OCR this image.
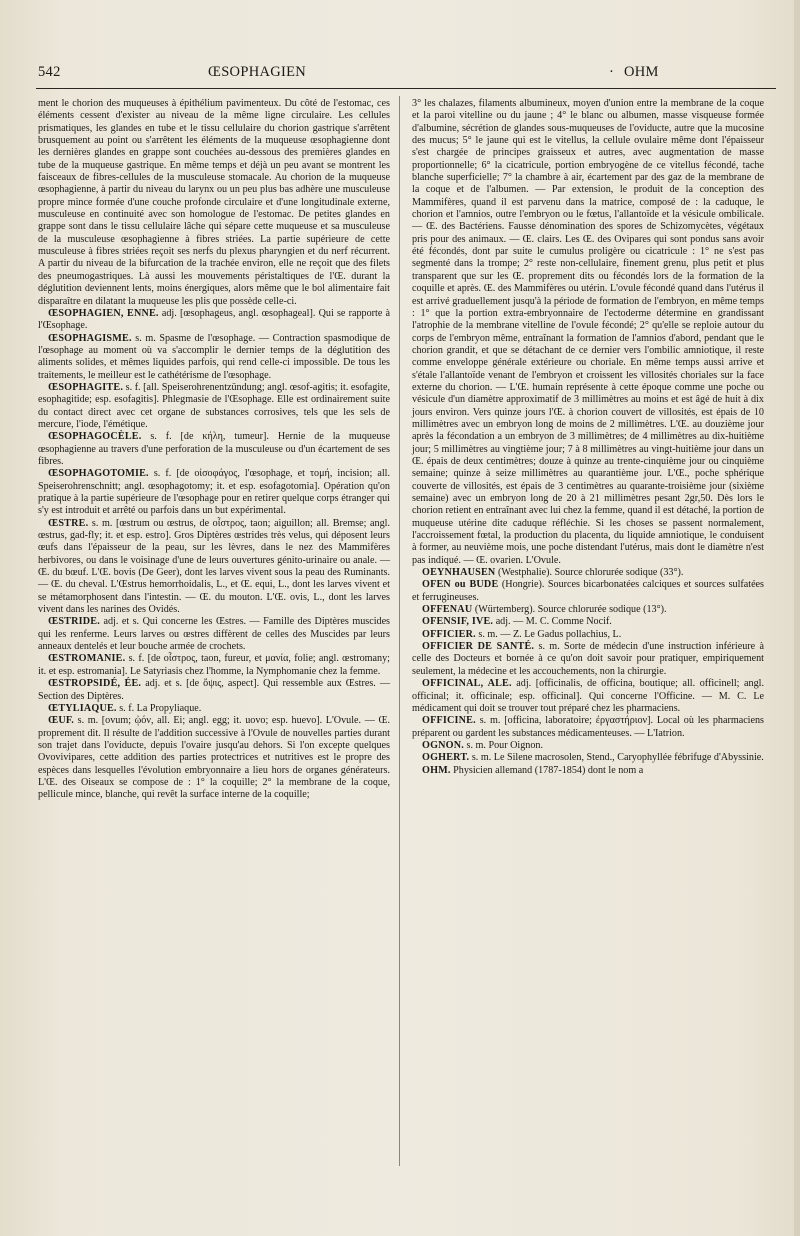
542	ŒSOPHAGIEN	· OHM

ment le chorion des muqueuses à épithélium pavimenteux. Du côté de l'estomac, ces éléments cessent d'exister au niveau de la même ligne circulaire. Les cellules prismatiques, les glandes en tube et le tissu cellulaire du chorion gastrique s'arrêtent brusquement au point ou s'arrêtent les éléments de la muqueuse œsophagienne dont les dernières glandes en grappe sont couchées au-dessous des premières glandes en tube de la muqueuse gastrique. En même temps et déjà un peu avant se montrent les faisceaux de fibres-cellules de la musculeuse stomacale. Au chorion de la muqueuse œsophagienne, à partir du niveau du larynx ou un peu plus bas adhère une musculeuse propre mince formée d'une couche profonde circulaire et d'une longitudinale externe, musculeuse en continuité avec son homologue de l'estomac. De petites glandes en grappe sont dans le tissu cellulaire lâche qui sépare cette muqueuse et sa musculeuse de la musculeuse œsophagienne à fibres striées. La partie supérieure de cette musculeuse à fibres striées reçoit ses nerfs du plexus pharyngien et du nerf récurrent. A partir du niveau de la bifurcation de la trachée environ, elle ne reçoit que des filets des pneumogastriques. Là aussi les mouvements péristaltiques de l'Œ. durant la déglutition deviennent lents, moins énergiques, alors même que le bol alimentaire fait disparaître en dilatant la muqueuse les plis que possède celle-ci.

ŒSOPHAGIEN, ENNE. adj. [œsophageus, angl. œsophageal]. Qui se rapporte à l'Œsophage.

ŒSOPHAGISME. s. m. Spasme de l'œsophage. — Contraction spasmodique de l'œsophage au moment où va s'accomplir le dernier temps de la déglutition des aliments solides, et mêmes liquides parfois, qui rend celle-ci impossible. De tous les traitements, le meilleur est le cathétérisme de l'œsophage.

ŒSOPHAGITE. s. f. [all. Speiserohrenentzündung; angl. œsof-agitis; it. esofagite, esophagitide; esp. esofagitis]. Phlegmasie de l'Œsophage. Elle est ordinairement suite du contact direct avec cet organe de substances corrosives, tels que les sels de mercure, l'iode, l'émétique.

ŒSOPHAGOCÈLE. s. f. [de κήλη, tumeur]. Hernie de la muqueuse œsophagienne au travers d'une perforation de la musculeuse ou d'un écartement de ses fibres.

ŒSOPHAGOTOMIE. s. f. [de οἰσοφάγος, l'œsophage, et τομή, incision; all. Speiserohrenschnitt; angl. œsophagotomy; it. et esp. esofagotomia]. Opération qu'on pratique à la partie supérieure de l'œsophage pour en retirer quelque corps étranger qui s'y est introduit et arrêté ou parfois dans un but expérimental.

ŒSTRE. s. m. [œstrum ou œstrus, de οἶστρος, taon; aiguillon; all. Bremse; angl. œstrus, gad-fly; it. et esp. estro]. Gros Diptères œstrides très velus, qui déposent leurs œufs dans l'épaisseur de la peau, sur les lèvres, dans le nez des Mammifères herbivores, ou dans le voisinage d'une de leurs ouvertures génito-urinaire ou anale. — Œ. du bœuf. L'Œ. bovis (De Geer), dont les larves vivent sous la peau des Ruminants. — Œ. du cheval. L'Œstrus hemorrhoidalis, L., et Œ. equi, L., dont les larves vivent et se métamorphosent dans l'intestin. — Œ. du mouton. L'Œ. ovis, L., dont les larves vivent dans les narines des Ovidés.

ŒSTRIDE. adj. et s. Qui concerne les Œstres. — Famille des Diptères muscides qui les renferme. Leurs larves ou œstres diffèrent de celles des Muscides par leurs anneaux dentelés et leur bouche armée de crochets.

ŒSTROMANIE. s. f. [de οἶστρος, taon, fureur, et μανία, folie; angl. œstromany; it. et esp. estromania]. Le Satyriasis chez l'homme, la Nymphomanie chez la femme.

ŒSTROPSIDÉ, ÉE. adj. et s. [de ὄψις, aspect]. Qui ressemble aux Œstres. — Section des Diptères.

ŒTYLIAQUE. s. f. La Propyliaque.

ŒUF. s. m. [ovum; ᾠόν, all. Ei; angl. egg; it. uovo; esp. huevo]. L'Ovule. — Œ. proprement dit. Il résulte de l'addition successive à l'Ovule de nouvelles parties durant son trajet dans l'oviducte, depuis l'ovaire jusqu'au dehors. Si l'on excepte quelques Ovovivipares, cette addition des parties protectrices et nutritives est le propre des espèces dans lesquelles l'évolution embryonnaire a lieu hors de organes générateurs. L'Œ. des Oiseaux se compose de : 1° la coquille; 2° la membrane de la coque, pellicule mince, blanche, qui revêt la surface interne de la coquille;

3° les chalazes, filaments albumineux, moyen d'union entre la membrane de la coque et la paroi vitelline ou du jaune ; 4° le blanc ou albumen, masse visqueuse formée d'albumine, sécrétion de glandes sous-muqueuses de l'oviducte, autre que la mucosine des mucus; 5° le jaune qui est le vitellus, la cellule ovulaire même dont l'épaisseur s'est chargée de principes graisseux et autres, avec augmentation de masse proportionnelle; 6° la cicatricule, portion embryogène de ce vitellus fécondé, tache blanche superficielle; 7° la chambre à air, écartement par des gaz de la membrane de la coque et de l'albumen. — Par extension, le produit de la conception des Mammifères, quand il est parvenu dans la matrice, composé de : la caduque, le chorion et l'amnios, outre l'embryon ou le fœtus, l'allantoïde et la vésicule ombilicale. — Œ. des Bactériens. Fausse dénomination des spores de Schizomycètes, végétaux pris pour des animaux. — Œ. clairs. Les Œ. des Ovipares qui sont pondus sans avoir été fécondés, dont par suite le cumulus proligère ou cicatricule : 1° ne s'est pas segmenté dans la trompe; 2° reste non-cellulaire, finement grenu, plus petit et plus transparent que sur les Œ. proprement dits ou fécondés lors de la formation de la coquille et après. Œ. des Mammifères ou utérin. L'ovule fécondé quand dans l'utérus il est arrivé graduellement jusqu'à la période de formation de l'embryon, en même temps : 1° que la portion extra-embryonnaire de l'ectoderme détermine en grandissant l'atrophie de la membrane vitelline de l'ovule fécondé; 2° qu'elle se reploie autour du corps de l'embryon même, entraînant la formation de l'amnios d'abord, pendant que le chorion grandit, et que se détachant de ce dernier vers l'ombilic amniotique, il reste comme enveloppe générale extérieure ou choriale. En même temps aussi arrive et s'étale l'allantoïde venant de l'embryon et croissent les villosités choriales sur la face externe du chorion. — L'Œ. humain représente à cette époque comme une poche ou vésicule d'un diamètre approximatif de 3 millimètres au moins et est âgé de huit à dix jours environ. Vers quinze jours l'Œ. à chorion couvert de villosités, est épais de 10 millimètres avec un embryon long de moins de 2 millimètres. L'Œ. au douzième jour après la fécondation a un embryon de 3 millimètres; de 4 millimètres au dix-huitième jour; 5 millimètres au vingtième jour; 7 à 8 millimètres au vingt-huitième jour dans un Œ. épais de deux centimètres; douze à quinze au trente-cinquième jour ou cinquième semaine; quinze à seize millimètres au quarantième jour. L'Œ., poche sphérique couverte de villosités, est épais de 3 centimètres au quarante-troisième jour (sixième semaine) avec un embryon long de 20 à 21 millimètres pesant 2gr,50. Dès lors le chorion retient en entraînant avec lui chez la femme, quand il est détaché, la portion de muqueuse utérine dite caduque réfléchie. Si les choses se passent normalement, l'accroissement fœtal, la production du placenta, du liquide amniotique, le conduisent à former, au neuvième mois, une poche distendant l'utérus, mais dont le diamètre n'est pas indiqué. — Œ. ovarien. L'Ovule.

OEYNHAUSEN (Westphalie). Source chlorurée sodique (33°).

OFEN ou BUDE (Hongrie). Sources bicarbonatées calciques et sources sulfatées et ferrugineuses.

OFFENAU (Würtemberg). Source chlorurée sodique (13°).

OFENSIF, IVE. adj. — M. C. Comme Nocif.

OFFICIER. s. m. — Z. Le Gadus pollachius, L.

OFFICIER DE SANTÉ. s. m. Sorte de médecin d'une instruction inférieure à celle des Docteurs et bornée à ce qu'on doit savoir pour pratiquer, empiriquement seulement, la médecine et les accouchements, non la chirurgie.

OFFICINAL, ALE. adj. [officinalis, de officina, boutique; all. officinell; angl. officinal; it. officinale; esp. officinal]. Qui concerne l'Officine. — M. C. Le médicament qui doit se trouver tout préparé chez les pharmaciens.

OFFICINE. s. m. [officina, laboratoire; ἐργαστήριον]. Local où les pharmaciens préparent ou gardent les substances médicamenteuses. — L'Iatrion.

OGNON. s. m. Pour Oignon.

OGHERT. s. m. Le Silene macrosolen, Stend., Caryophyllée fébrifuge d'Abyssinie.

OHM. Physicien allemand (1787-1854) dont le nom a
